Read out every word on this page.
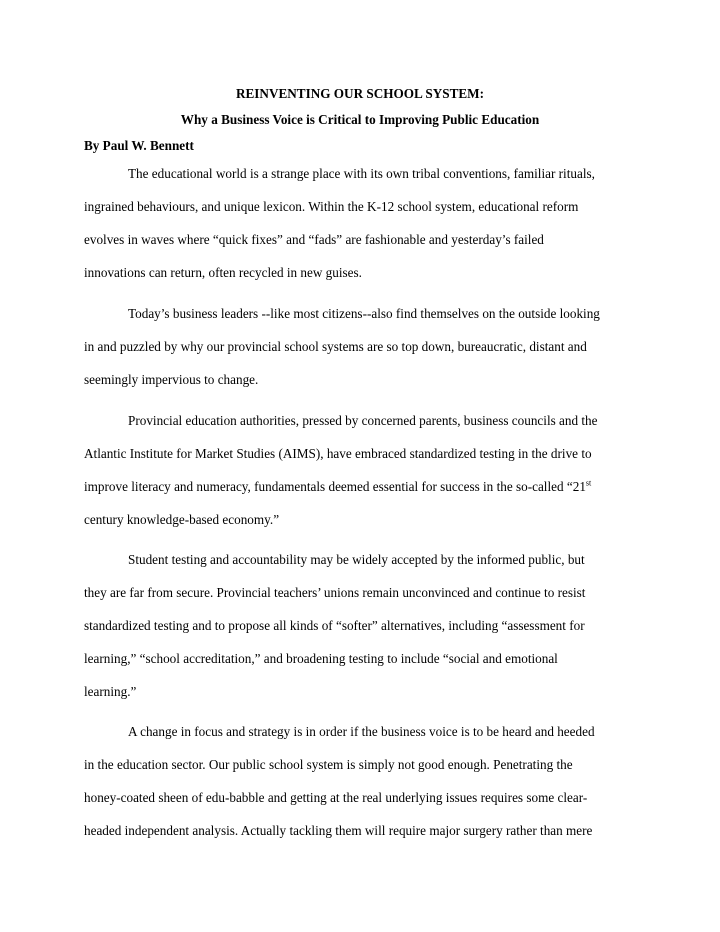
REINVENTING OUR SCHOOL SYSTEM:
Why a Business Voice is Critical to Improving Public Education

By Paul W. Bennett

The educational world is a strange place with its own tribal conventions, familiar rituals,
ingrained behaviours, and unique lexicon. Within the K-12 school system, educational reform
evolves in waves where “quick fixes” and “fads” are fashionable and yesterday’s failed
innovations can return, often recycled in new guises.
Today’s business leaders --like most citizens--also find themselves on the outside looking
in and puzzled by why our provincial school systems are so top down, bureaucratic, distant and
seemingly impervious to change.
Provincial education authorities, pressed by concerned parents, business councils and the
Atlantic Institute for Market Studies (AIMS), have embraced standardized testing in the drive to
improve literacy and numeracy, fundamentals deemed essential for success in the so-called “21st
century knowledge-based economy.”
Student testing and accountability may be widely accepted by the informed public, but
they are far from secure. Provincial teachers’ unions remain unconvinced and continue to resist
standardized testing and to propose all kinds of “softer” alternatives, including “assessment for
learning,” “school accreditation,” and broadening testing to include “social and emotional
learning.”
A change in focus and strategy is in order if the business voice is to be heard and heeded
in the education sector. Our public school system is simply not good enough. Penetrating the
honey-coated sheen of edu-babble and getting at the real underlying issues requires some clear-
headed independent analysis. Actually tackling them will require major surgery rather than mere
